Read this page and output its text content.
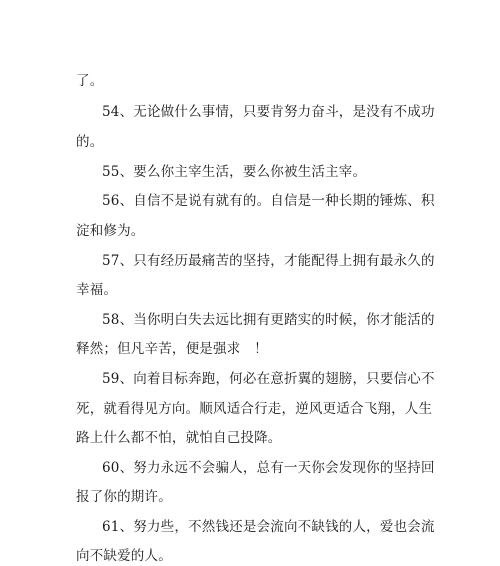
了。
54、无论做什么事情，只要肯努力奋斗，是没有不成功
的。
55、要么你主宰生活，要么你被生活主宰。
56、自信不是说有就有的。自信是一种长期的锤炼、积
淀和修为。
57、只有经历最痛苦的坚持，才能配得上拥有最永久的
幸福。
58、当你明白失去远比拥有更踏实的时候，你才能活的
释然；但凡辛苦，便是强求　！
59、向着目标奔跑，何必在意折翼的翅膀，只要信心不
死，就看得见方向。顺风适合行走，逆风更适合飞翔，人生
路上什么都不怕，就怕自己投降。
60、努力永远不会骗人，总有一天你会发现你的坚持回
报了你的期许。
61、努力些，不然钱还是会流向不缺钱的人，爱也会流
向不缺爱的人。
